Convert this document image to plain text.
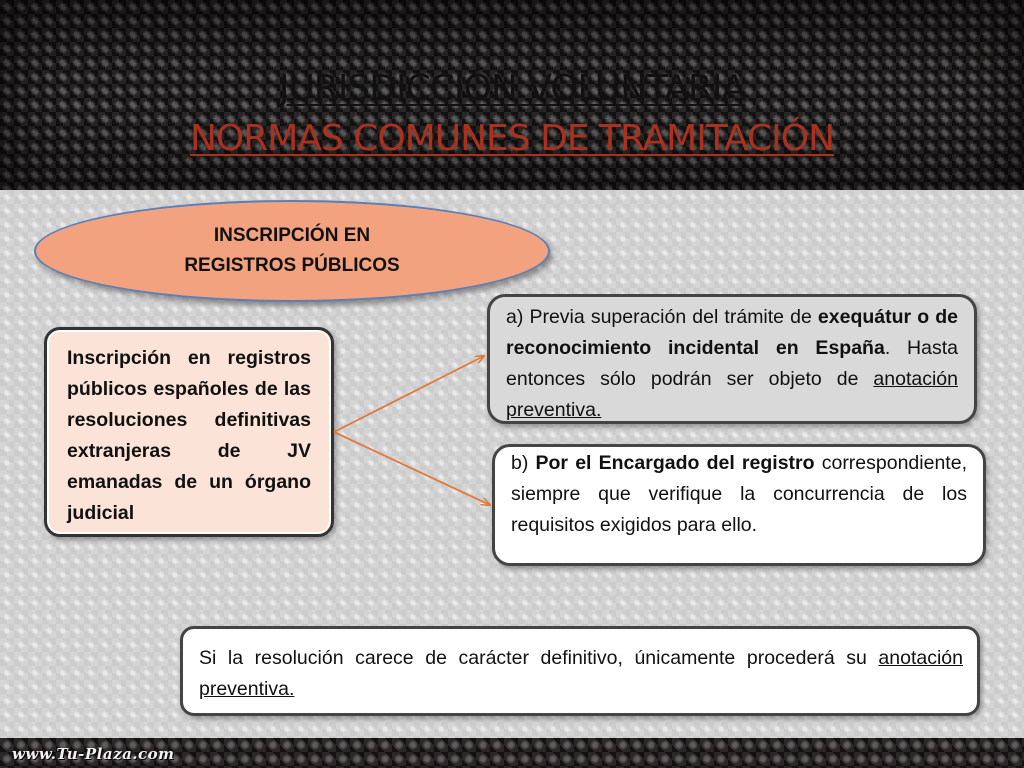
JURISDICCIÓN VOLUNTARIA
NORMAS COMUNES DE TRAMITACIÓN
INSCRIPCIÓN EN
REGISTROS PÚBLICOS
Inscripción en registros públicos españoles de las resoluciones definitivas extranjeras de JV emanadas de un órgano judicial
a) Previa superación del trámite de exequátur o de reconocimiento incidental en España. Hasta entonces sólo podrán ser objeto de anotación preventiva.
b) Por el Encargado del registro correspondiente, siempre que verifique la concurrencia de los requisitos exigidos para ello.
Si la resolución carece de carácter definitivo, únicamente procederá su anotación preventiva.
www.Tu-Plaza.com
